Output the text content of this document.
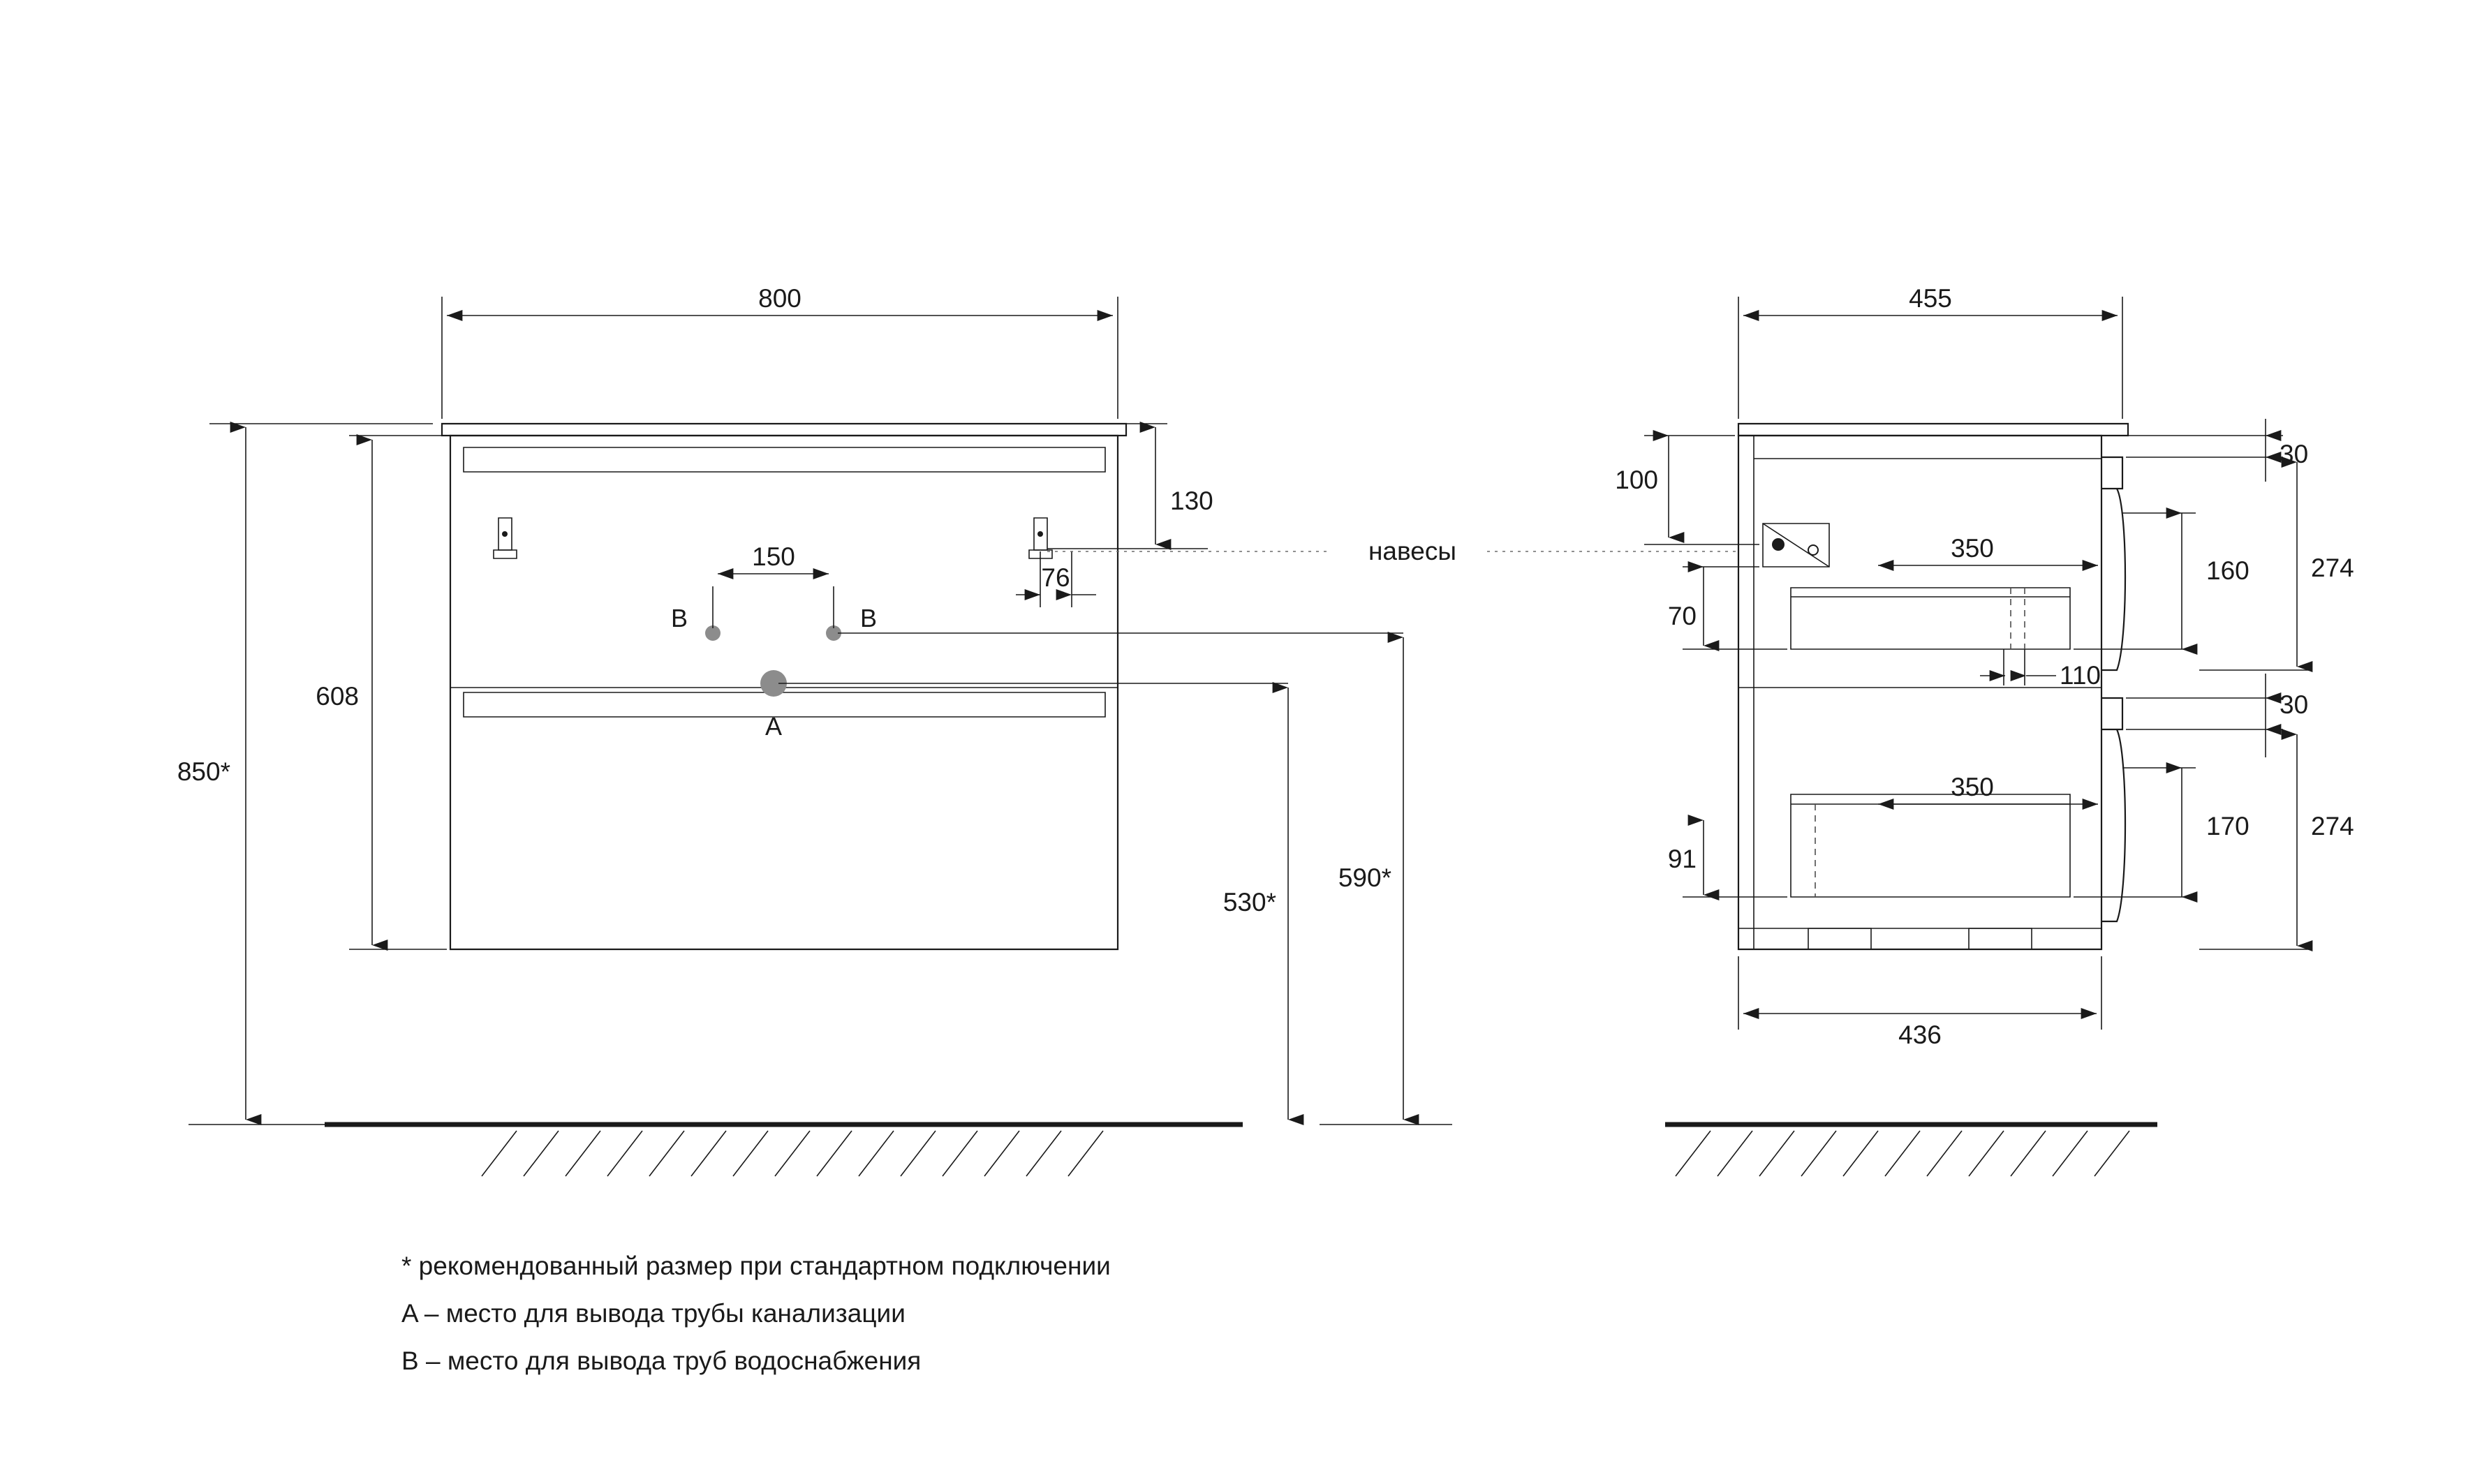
B	B
A
800
850*
608
130
150
76
530*
590*
навесы
455
436
100
70
91
350
350
110
30
160 274
30
170 274
* рекомендованный размер при стандартном подключении
A – место для вывода трубы канализации
B – место для вывода труб водоснабжения
